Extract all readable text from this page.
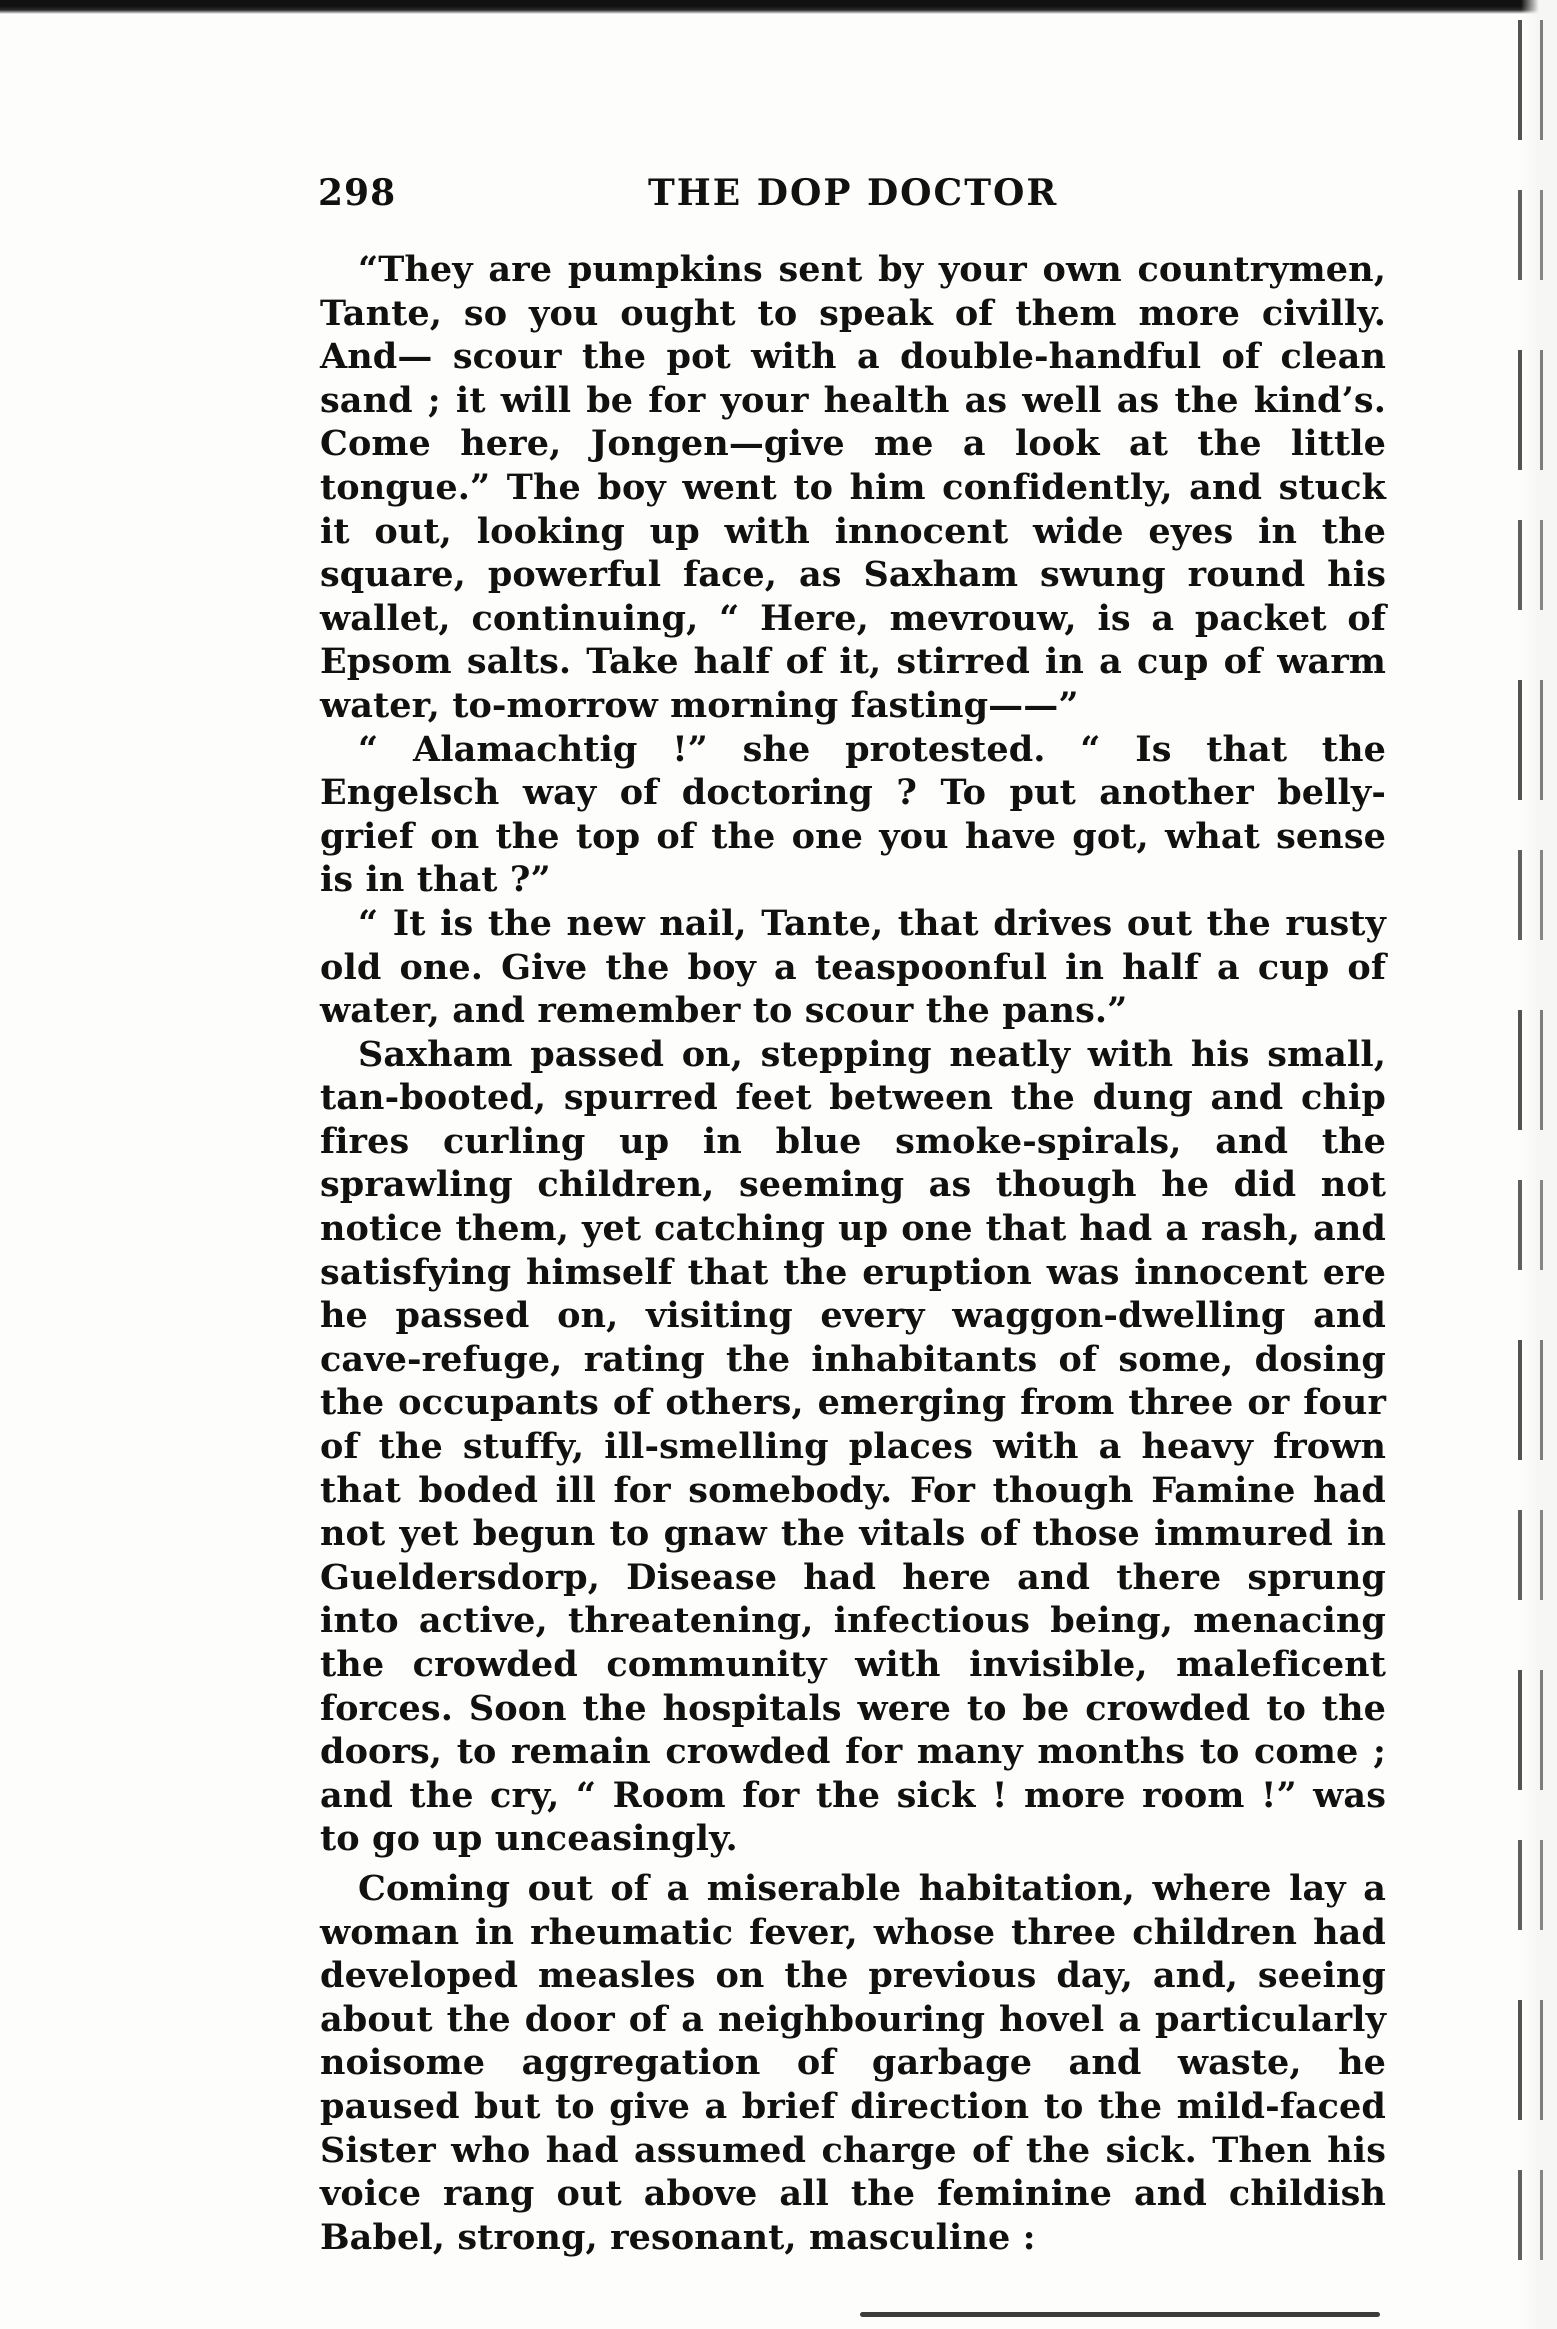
298	THE DOP DOCTOR

“They are pumpkins sent by your own countrymen, Tante, so you ought to speak of them more civilly. And— scour the pot with a double-handful of clean sand ; it will be for your health as well as the kind’s. Come here, Jongen—give me a look at the little tongue.” The boy went to him confidently, and stuck it out, looking up with innocent wide eyes in the square, powerful face, as Saxham swung round his wallet, continuing, “ Here, mevrouw, is a packet of Epsom salts. Take half of it, stirred in a cup of warm water, to-morrow morning fasting——”

“ Alamachtig !” she protested. “ Is that the Engelsch way of doctoring ? To put another belly-grief on the top of the one you have got, what sense is in that ?”

“ It is the new nail, Tante, that drives out the rusty old one. Give the boy a teaspoonful in half a cup of water, and remember to scour the pans.”

Saxham passed on, stepping neatly with his small, tan-booted, spurred feet between the dung and chip fires curling up in blue smoke-spirals, and the sprawling children, seeming as though he did not notice them, yet catching up one that had a rash, and satisfying himself that the eruption was innocent ere he passed on, visiting every waggon-dwelling and cave-refuge, rating the inhabitants of some, dosing the occupants of others, emerging from three or four of the stuffy, ill-smelling places with a heavy frown that boded ill for somebody. For though Famine had not yet begun to gnaw the vitals of those immured in Gueldersdorp, Disease had here and there sprung into active, threatening, infectious being, menacing the crowded community with invisible, maleficent forces. Soon the hospitals were to be crowded to the doors, to remain crowded for many months to come ; and the cry, “ Room for the sick ! more room !” was to go up unceasingly.

Coming out of a miserable habitation, where lay a woman in rheumatic fever, whose three children had developed measles on the previous day, and, seeing about the door of a neighbouring hovel a particularly noisome aggregation of garbage and waste, he paused but to give a brief direction to the mild-faced Sister who had assumed charge of the sick. Then his voice rang out above all the feminine and childish Babel, strong, resonant, masculine :
